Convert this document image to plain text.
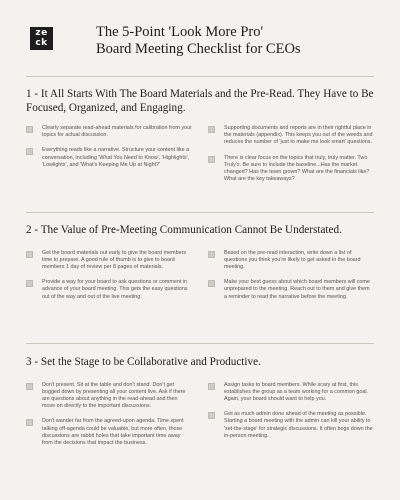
ze
ck
The 5-Point 'Look More Pro'
Board Meeting Checklist for CEOs

1 - It All Starts With The Board Materials and the Pre-Read. They Have to Be Focused, Organized, and Engaging.

Clearly separate read-ahead materials for calibration from your topics for actual discussion.
Everything reads like a narrative. Structure your content like a conversation, including 'What You Need to Know', 'Highlights', 'Lowlights', and 'What's Keeping Me Up at Night?'
Supporting documents and reports are in their rightful place in the materials (appendix). This keeps you out of the weeds and reduces the number of 'just to make me look smart' questions.
There is clear focus on the topics that truly, truly matter. Two Truly's. Be sure to include the baseline...Has the market changed? Has the team grown? What are the financials like? What are the key takeaways?

2 - The Value of Pre-Meeting Communication Cannot Be Understated.

Get the board materials out early to give the board members time to prepare. A good rule of thumb is to give to board members 1 day of review per 8 pages of materials.
Provide a way for your board to ask questions or comment in advance of your board meeting. This gets the easy questions out of the way and out of the live meeting.
Based on the pre-read interaction, write down a list of questions you think you're likely to get asked in the board meeting.
Make your best guess about which board members will come unprepared to the meeting. Reach out to them and give them a reminder to read the narrative before the meeting.

3 - Set the Stage to be Collaborative and Productive.

Don't present. Sit at the table and don't stand. Don't get bogged down by presenting all your content live. Ask if there are questions about anything in the read-ahead and then move on directly to the important discussions.
Don't wander far from the agreed-upon agenda. Time spent talking off-agenda could be valuable, but more often, those discussions are rabbit holes that take important time away from the decisions that impact the business.
Assign tasks to board members. While scary at first, this establishes the group as a team working for a common goal. Again, your board should want to help you.
Get as much admin done ahead of the meeting as possible. Starting a board meeting with the admin can kill your ability to 'set-the-stage' for strategic discussions. It often bogs down the in-person meeting.
